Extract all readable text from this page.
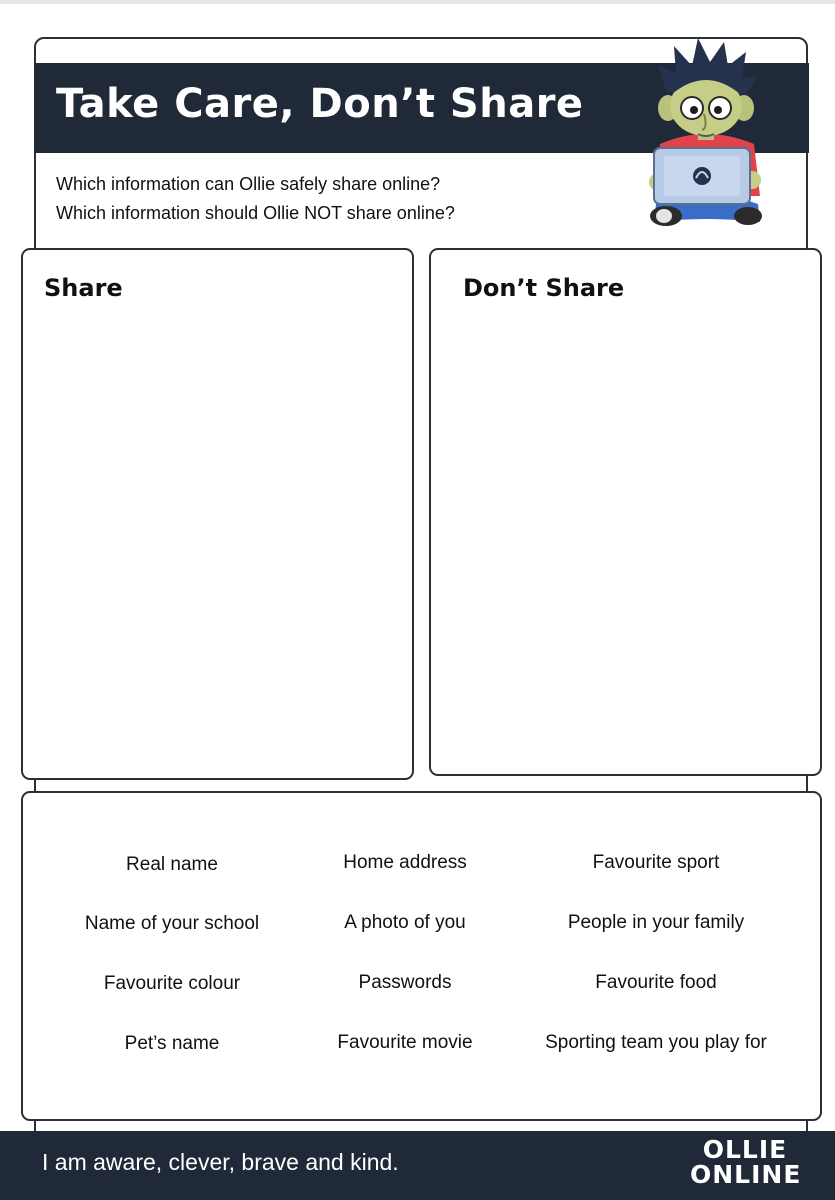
Take Care, Don’t Share

Which information can Ollie safely share online?
Which information should Ollie NOT share online?

Share	Don’t Share
Real name	Home address	Favourite sport
Name of your school	A photo of you	People in your family
Favourite colour	Passwords	Favourite food
Pet’s name	Favourite movie	Sporting team you play for

I am aware, clever, brave and kind.	OLLIE
ONLINE
